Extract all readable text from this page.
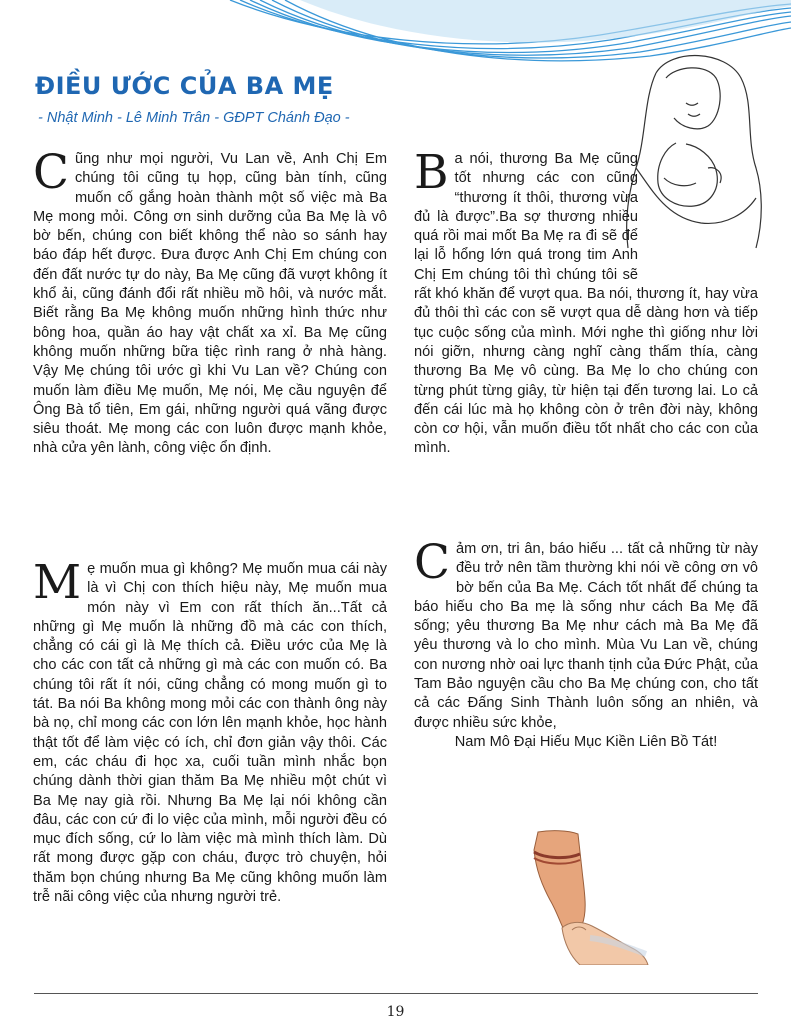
ĐIỀU ƯỚC CỦA BA MẸ
- Nhật Minh - Lê Minh Trân - GĐPT Chánh Đạo -

Cũng như mọi người, Vu Lan về, Anh Chị Em chúng tôi cũng tụ họp, cũng bàn tính, cũng muốn cố gắng hoàn thành một số việc mà Ba Mẹ mong mỏi. Công ơn sinh dưỡng của Ba Mẹ là vô bờ bến, chúng con biết không thể nào so sánh hay báo đáp hết được. Đưa được Anh Chị Em chúng con đến đất nước tự do này, Ba Mẹ cũng đã vượt không ít khổ ải, cũng đánh đổi rất nhiều mồ hôi, và nước mắt. Biết rằng Ba Mẹ không muốn những hình thức như bông hoa, quần áo hay vật chất xa xỉ. Ba Mẹ cũng không muốn những bữa tiệc rình rang ở nhà hàng. Vậy Mẹ chúng tôi ước gì khi Vu Lan về? Chúng con muốn làm điều Mẹ muốn, Mẹ nói, Mẹ cầu nguyện để Ông Bà tổ tiên, Em gái, những người quá vãng được siêu thoát. Mẹ mong các con luôn được mạnh khỏe, nhà cửa yên lành, công việc ổn định.

Mẹ muốn mua gì không? Mẹ muốn mua cái này là vì Chị con thích hiệu này, Mẹ muốn mua món này vì Em con rất thích ăn...Tất cả những gì Mẹ muốn là những đồ mà các con thích, chẳng có cái gì là Mẹ thích cả. Điều ước của Mẹ là cho các con tất cả những gì mà các con muốn có. Ba chúng tôi rất ít nói, cũng chẳng có mong muốn gì to tát. Ba nói Ba không mong mỏi các con thành ông này bà nọ, chỉ mong các con lớn lên mạnh khỏe, học hành thật tốt để làm việc có ích, chỉ đơn giản vậy thôi. Các em, các cháu đi học xa, cuối tuần mình nhắc bọn chúng dành thời gian thăm Ba Mẹ nhiều một chút vì Ba Mẹ nay già rồi. Nhưng Ba Mẹ lại nói không cần đâu, các con cứ đi lo việc của mình, mỗi người đều có mục đích sống, cứ lo làm việc mà mình thích làm. Dù rất mong được gặp con cháu, được trò chuyện, hỏi thăm bọn chúng nhưng Ba Mẹ cũng không muốn làm trễ nãi công việc của nhưng người trẻ.

Ba nói, thương Ba Mẹ cũng tốt nhưng các con cũng “thương ít thôi, thương vừa đủ là được”.Ba sợ thương nhiều quá rồi mai mốt Ba Mẹ ra đi sẽ để lại lỗ hổng lớn quá trong tim Anh Chị Em chúng tôi thì chúng tôi sẽ rất khó khăn để vượt qua. Ba nói, thương ít, hay vừa đủ thôi thì các con sẽ vượt qua dễ dàng hơn và tiếp tục cuộc sống của mình. Mới nghe thì giống như lời nói giỡn, nhưng càng nghĩ càng thấm thía, càng thương Ba Mẹ vô cùng. Ba Mẹ lo cho chúng con từng phút từng giây, từ hiện tại đến tương lai. Lo cả đến cái lúc mà họ không còn ở trên đời này, không còn cơ hội, vẫn muốn điều tốt nhất cho các con của mình.

Cảm ơn, tri ân, báo hiếu ... tất cả những từ này đều trở nên tầm thường khi nói về công ơn vô bờ bến của Ba Mẹ. Cách tốt nhất để chúng ta báo hiếu cho Ba mẹ là sống như cách Ba Mẹ đã sống; yêu thương Ba Mẹ như cách mà Ba Mẹ đã yêu thương và lo cho mình. Mùa Vu Lan về, chúng con nương nhờ oai lực thanh tịnh của Đức Phật, của Tam Bảo nguyện cầu cho Ba Mẹ chúng con, cho tất cả các Đấng Sinh Thành luôn sống an nhiên, và được nhiều sức khỏe,

Nam Mô Đại Hiếu Mục Kiền Liên Bồ Tát!

19
